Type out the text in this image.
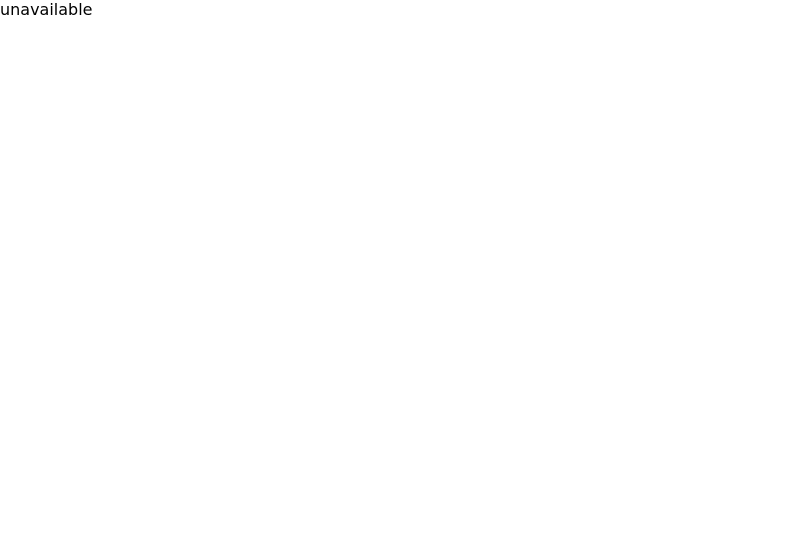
unavailable
